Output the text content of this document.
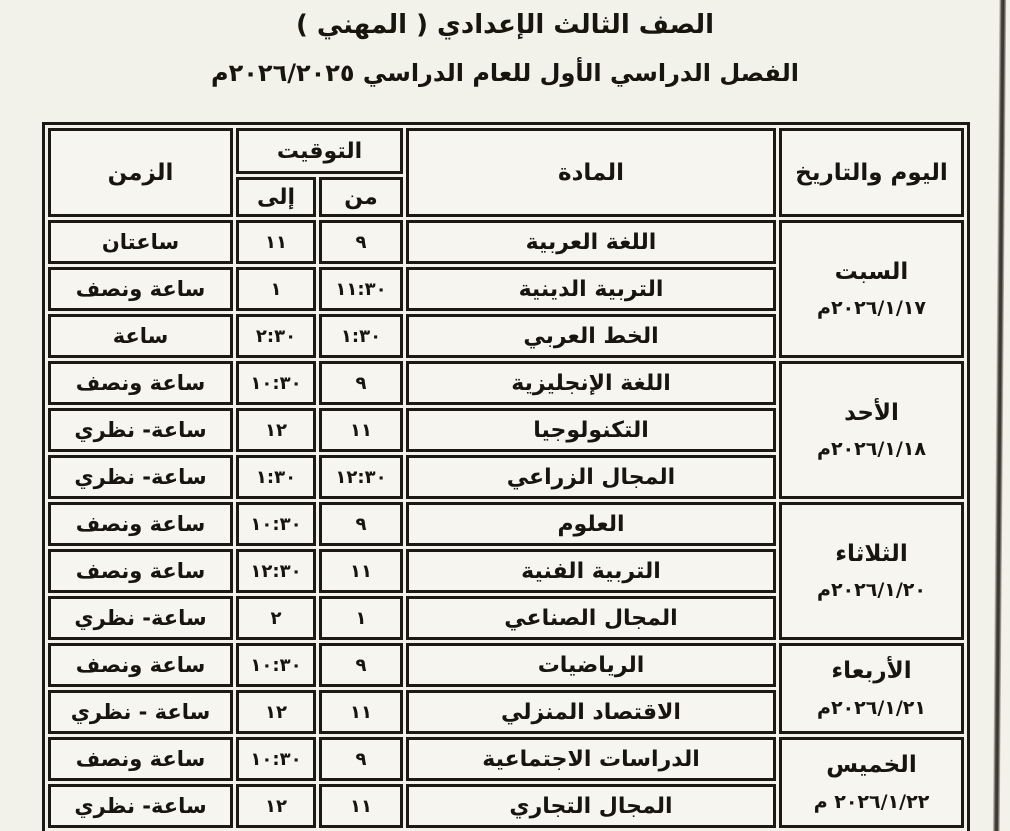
الصف الثالث الإعدادي ( المهني )
الفصل الدراسي الأول للعام الدراسي ٢٠٢٦/٢٠٢٥م
اليوم والتاريخ	المادة	التوقيت		الزمن
		من	إلى	

السبت
٢٠٢٦/١/١٧م	اللغة العربية	٩	١١	ساعتان
	التربية الدينية	١١:٣٠	١	ساعة ونصف
	الخط العربي	١:٣٠	٢:٣٠	ساعة

الأحد
٢٠٢٦/١/١٨م	اللغة الإنجليزية	٩	١٠:٣٠	ساعة ونصف
	التكنولوجيا	١١	١٢	ساعة- نظري
	المجال الزراعي	١٢:٣٠	١:٣٠	ساعة- نظري

الثلاثاء
٢٠٢٦/١/٢٠م	العلوم	٩	١٠:٣٠	ساعة ونصف
	التربية الفنية	١١	١٢:٣٠	ساعة ونصف
	المجال الصناعي	١	٢	ساعة- نظري

الأربعاء
٢٠٢٦/١/٢١م	الرياضيات	٩	١٠:٣٠	ساعة ونصف
	الاقتصاد المنزلي	١١	١٢	ساعة - نظري

الخميس
٢٠٢٦/١/٢٢ م	الدراسات الاجتماعية	٩	١٠:٣٠	ساعة ونصف
	المجال التجاري	١١	١٢	ساعة- نظري
